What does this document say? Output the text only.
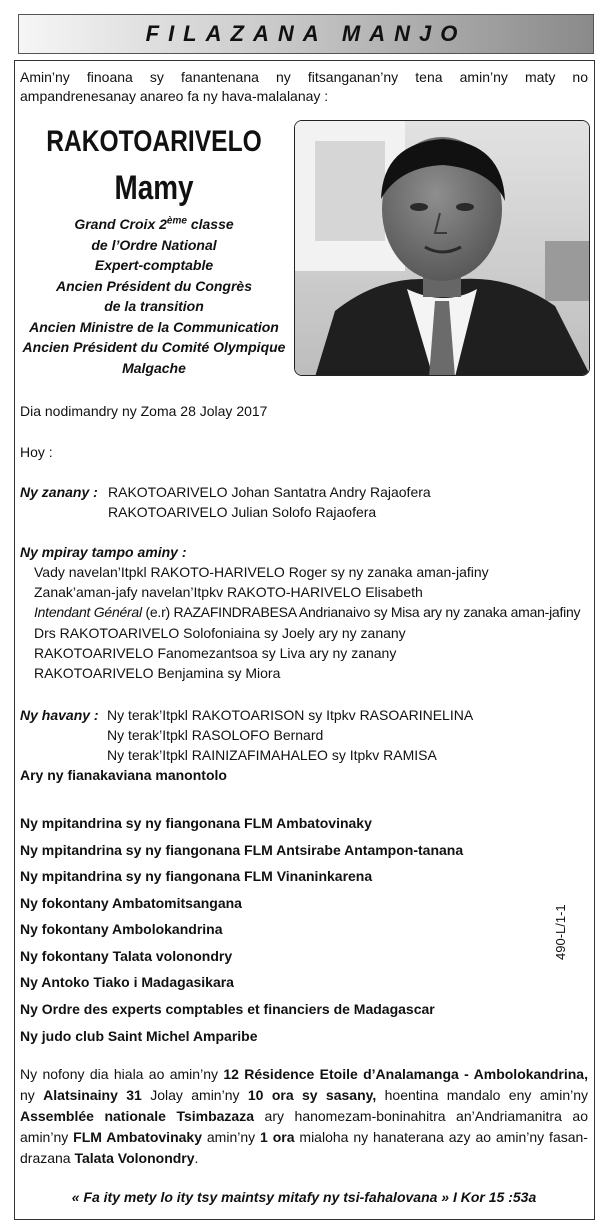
FILAZANA MANJO
Amin’ny finoana sy fanantenana ny fitsanganan’ny tena amin’ny maty no ampandrenesanay anareo fa ny hava-malalanay :
RAKOTOARIVELO
Mamy
Grand Croix 2ème classe
de l’Ordre National
Expert-comptable
Ancien Président du Congrès
de la transition
Ancien Ministre de la Communication
Ancien Président du Comité Olympique
Malgache
Dia nodimandry ny Zoma 28 Jolay 2017
Hoy :
Ny zanany : RAKOTOARIVELO Johan Santatra Andry Rajaofera
RAKOTOARIVELO Julian Solofo Rajaofera
Ny mpiray tampo aminy :
Vady navelan’Itpkl RAKOTO-HARIVELO Roger sy ny zanaka aman-jafiny
Zanak’aman-jafy navelan’Itpkv RAKOTO-HARIVELO Elisabeth
Intendant Général (e.r) RAZAFINDRABESA Andrianaivo sy Misa ary ny zanaka aman-jafiny
Drs RAKOTOARIVELO Solofoniaina sy Joely ary ny zanany
RAKOTOARIVELO Fanomezantsoa sy Liva ary ny zanany
RAKOTOARIVELO Benjamina sy Miora
Ny havany : Ny terak’Itpkl RAKOTOARISON sy Itpkv RASOARINELINA
Ny terak’Itpkl RASOLOFO Bernard
Ny terak’Itpkl RAINIZAFIMAHALEO sy Itpkv RAMISA
Ary ny fianakaviana manontolo
Ny mpitandrina sy ny fiangonana FLM Ambatovinaky
Ny mpitandrina sy ny fiangonana FLM Antsirabe Antampon-tanana
Ny mpitandrina sy ny fiangonana FLM Vinaninkarena
Ny fokontany Ambatomitsangana
Ny fokontany Ambolokandrina
Ny fokontany Talata volonondry
Ny Antoko Tiako i Madagasikara
Ny Ordre des experts comptables et financiers de Madagascar
Ny judo club Saint Michel Amparibe
490-L/1-1
Ny nofony dia hiala ao amin’ny 12 Résidence Etoile d’Analamanga - Ambolokandrina, ny Alatsinainy 31 Jolay amin’ny 10 ora sy sasany, hoentina mandalo eny amin’ny Assemblée nationale Tsimbazaza ary hanomezam-boninahitra an’Andriamanitra ao amin’ny FLM Ambatovinaky amin’ny 1 ora mialoha ny hanaterana azy ao amin’ny fasan-drazana Talata Volonondry.
« Fa ity mety lo ity tsy maintsy mitafy ny tsi-fahalovana » I Kor 15 :53a
